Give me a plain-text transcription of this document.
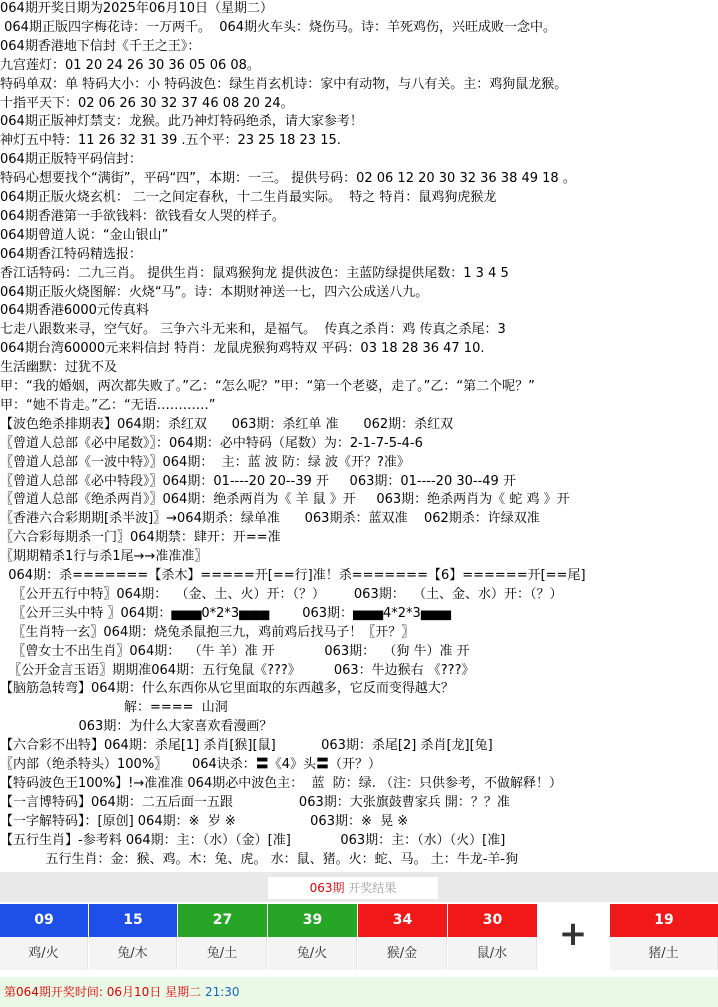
064期开奖日期为2025年06月10日（星期二）
064期正版四字梅花诗：一万两千。  064期火车头：烧伤马。诗：羊死鸡伤，兴旺成败一念中。
064期香港地下信封《千王之王》：
九宫莲灯：01 20 24 26 30 36 05 06 08。
特码单双：单 特码大小：小 特码波色：绿生肖玄机诗：家中有动物，与八有关。主：鸡狗鼠龙猴。
十指平天下：02 06 26 30 32 37 46 08 20 24。
064期正版神灯禁支：龙猴。此乃神灯特码绝杀，请大家参考！
神灯五中特：11 26 32 31 39 .五个平：23 25 18 23 15.
064期正版特平码信封：
特码心想要找个“满街”，平码“四”，本期：一三。 提供号码：02 06 12 20 30 32 36 38 49 18 。
064期正版火烧玄机： 二一之间定春秋，十二生肖最实际。  特之 特肖：鼠鸡狗虎猴龙
064期香港第一手欲钱料：欲钱看女人哭的样子。
064期曾道人说：“金山银山”
064期香江特码精选报：
香江话特码：二九三肖。 提供生肖：鼠鸡猴狗龙 提供波色：主蓝防绿提供尾数：1 3 4 5
064期正版火烧图解：火烧“马”。诗：本期财神送一七，四六公成送八九。
064期香港6000元传真料
七走八跟数来寻，空气好。 三争六斗无来和，是福气。  传真之杀肖：鸡 传真之杀尾：3
064期台湾60000元来料信封 特肖：龙鼠虎猴狗鸡特双 平码：03 18 28 36 47 10.
生活幽默：过犹不及
甲：“我的婚姻，两次都失败了。”乙：“怎么呢？”甲：“第一个老婆，走了。”乙：“第二个呢？”
甲：“她不肯走。”乙：“无语…………”
【波色绝杀排期表】064期：杀红双      063期：杀红单 准      062期：杀红双
〖曾道人总部《必中尾数》〗：064期：必中特码（尾数）为：2-1-7-5-4-6
〖曾道人总部《一波中特》〗064期：  主：蓝 波 防：绿 波《开？?准》
〖曾道人总部《必中特段》〗064期：01----20 20--39 开     063期：01----20 30--49 开
〖曾道人总部《绝杀两肖》〗064期：绝杀两肖为《 羊 鼠 》开     063期：绝杀两肖为《 蛇 鸡 》开
〖香港六合彩期期[杀半波]〗→064期杀：绿单准      063期杀：蓝双准    062期杀：许绿双准
〖六合彩每期杀一门〗064期禁：肆开：开==准
〖期期精杀1行与杀1尾→→准准准〗
064期：杀=======【杀木】=====开[==行]准！杀=======【6】======开[==尾]
〖公开五行中特〗064期：  （金、土、火）开：（？）       063期：  （土、金、水）开：（？）
〖公开三头中特 〗064期：▅▅▅0*2*3▅▅▅        063期：▅▅▅4*2*3▅▅▅
〖生肖特一玄〗064期：烧兔杀鼠抱三九，鸡前鸡后找马子！〖开？〗
〖曾女士不出生肖〗064期：  （牛 羊）准 开            063期：  （狗 牛）准 开
〖公开金言玉语〗期期准064期：五行兔鼠《???》        063：牛边猴右 《???》
【脑筋急转弯】064期：什么东西你从它里面取的东西越多，它反而变得越大？
解：====  山洞
063期：为什么大家喜欢看漫画？
【六合彩不出特】064期：杀尾[1] 杀肖[猴][鼠]           063期：杀尾[2] 杀肖[龙][兔]
〖内部（绝杀特头）100%〗      064诀杀：〓《4》头〓（开？）
【特码波色王100%】!→准准准 064期必中波色主：  蓝  防：绿. （注：只供参考，不做解释！）
【一言博特码】064期：二五后面一五跟                063期：大张旗鼓曹家兵 開：？？准
【一字解特码】：[原创] 064期：※  岁 ※                  063期：※  晃 ※
【五行生肖】-参考料 064期：主：（水）（金）[准]            063期：主：（水）（火）[准]
五行生肖：金：猴、鸡。木：兔、虎。 水：鼠、猪。火：蛇、马。 土：牛龙-羊-狗
063期 开奖结果
09
鸡/火
15
兔/木
27
兔/土
39
兔/火
34
猴/金
30
鼠/水
19
猪/土
+
第064期开奖时间: 06月10日 星期二 21:30
